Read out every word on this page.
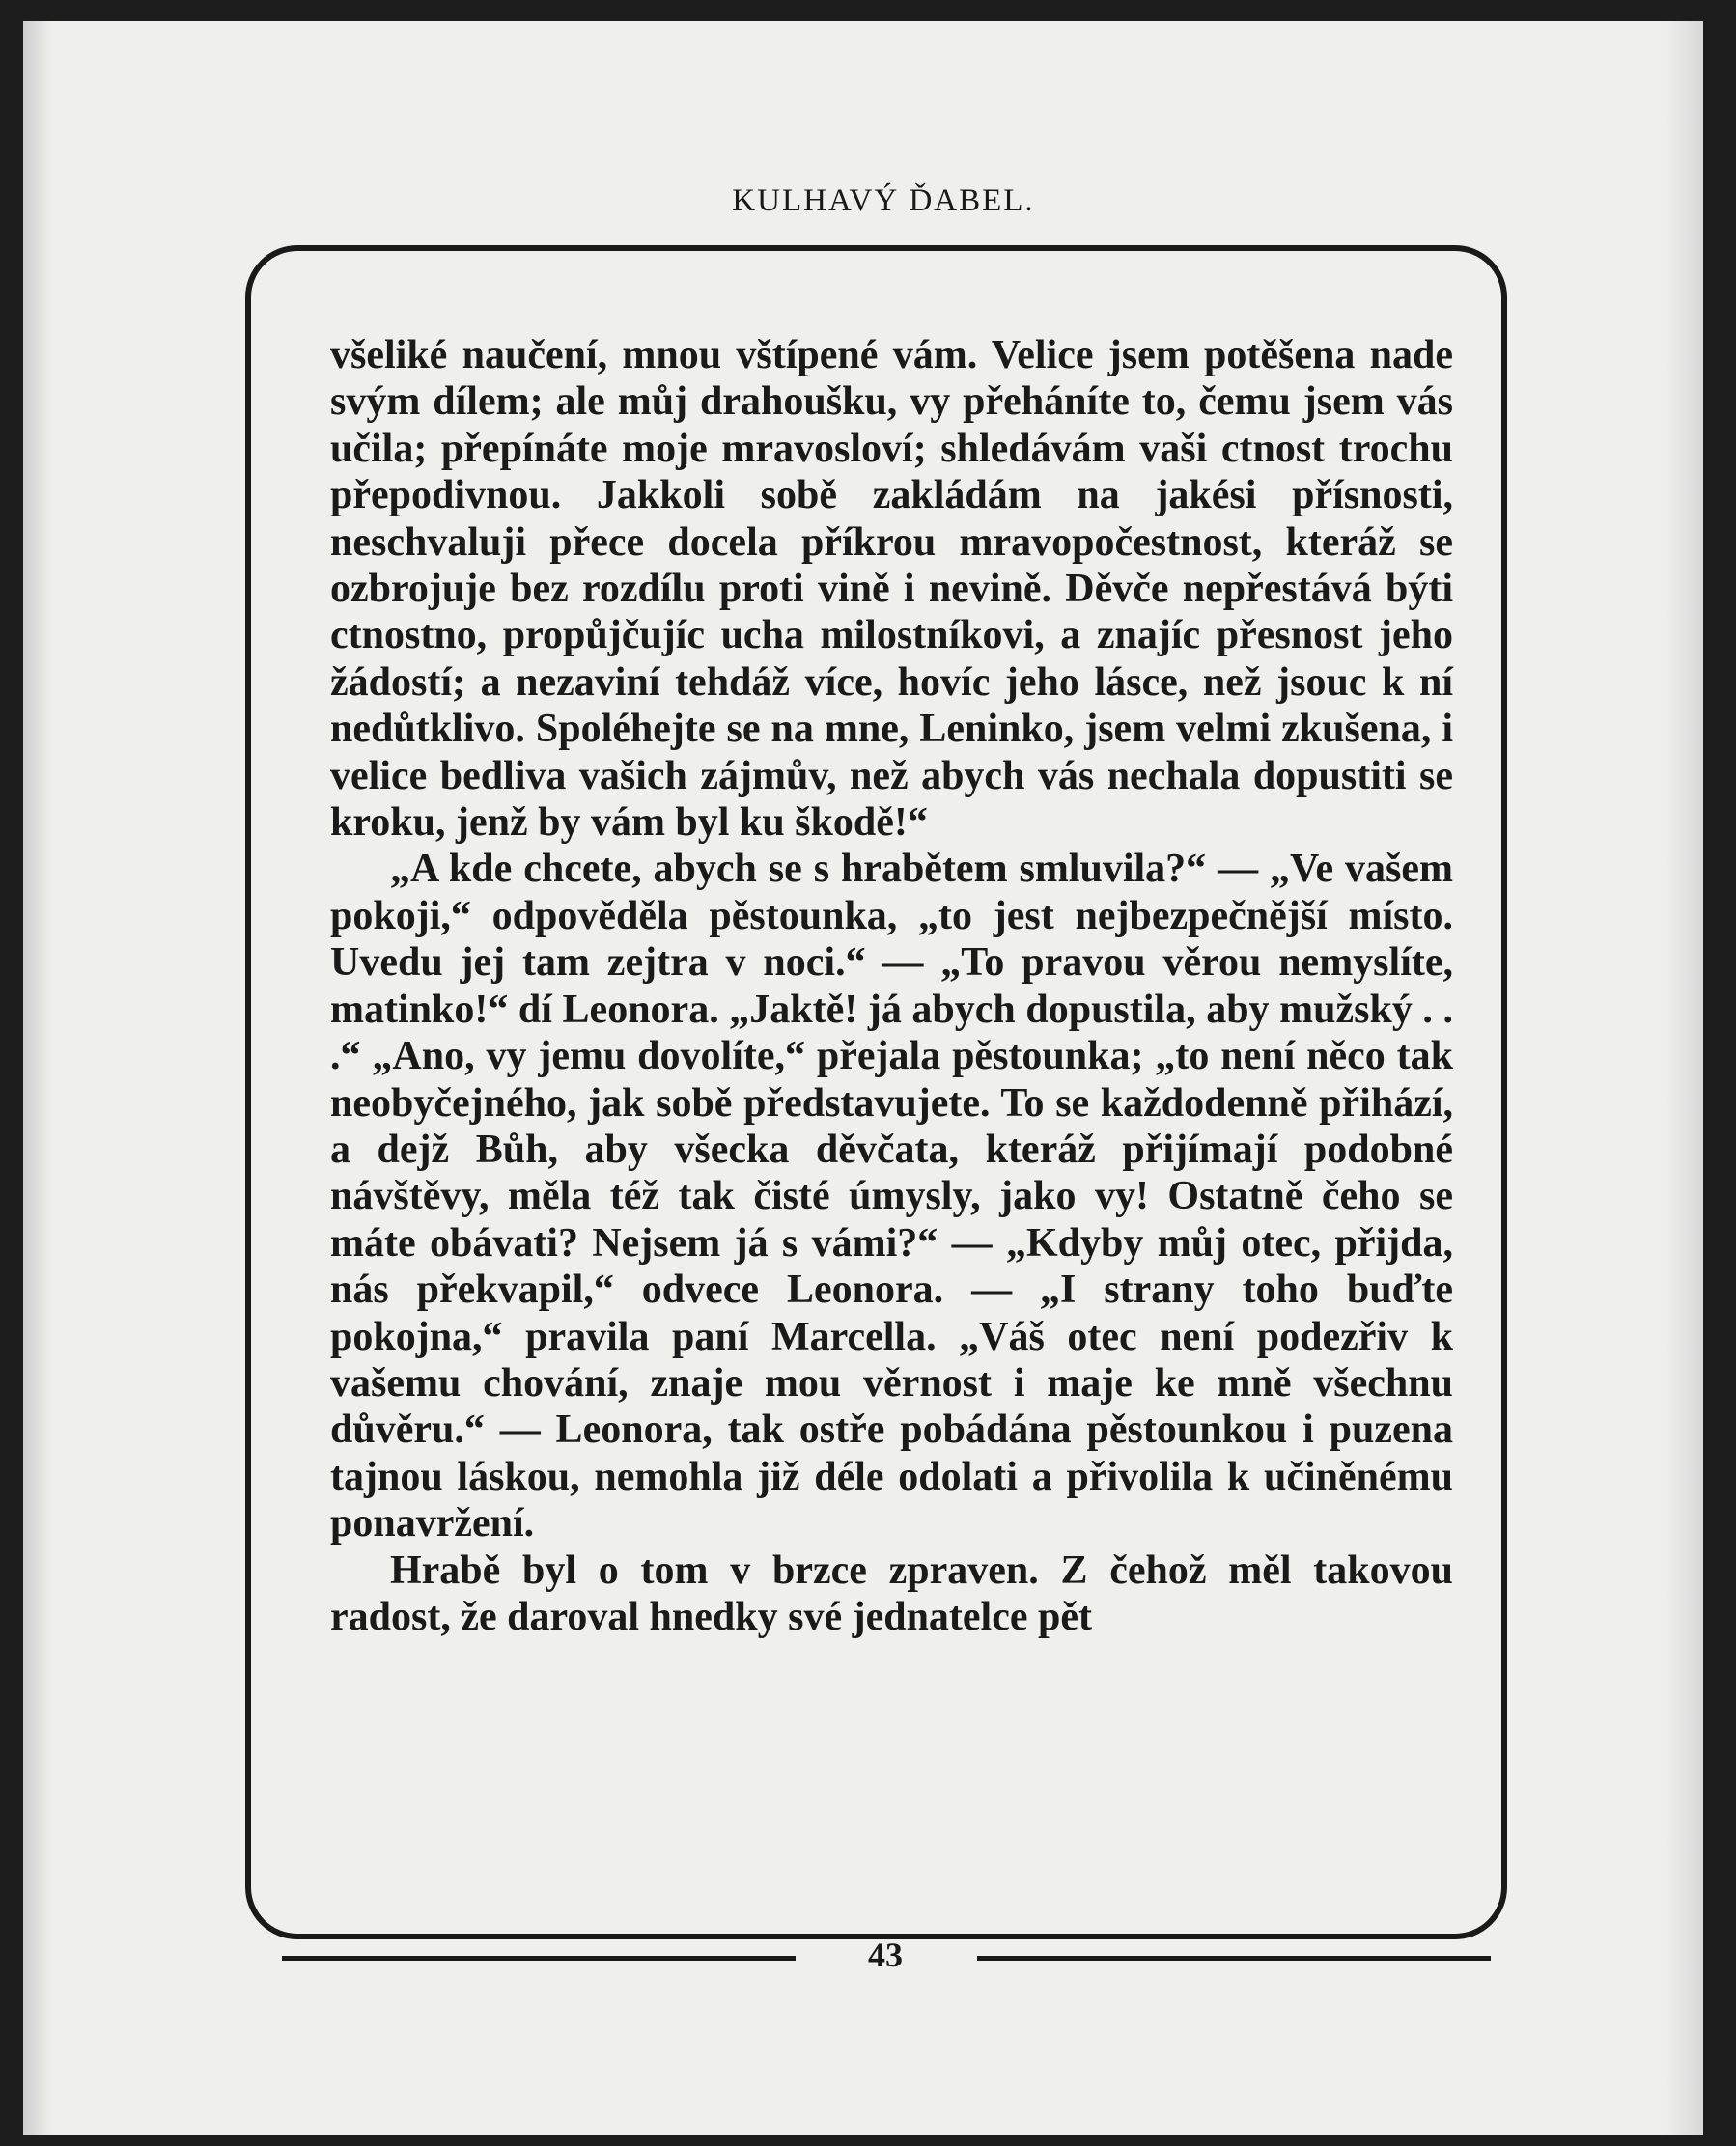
KULHAVÝ ĎABEL.

všeliké naučení, mnou vštípené vám. Velice jsem potěšena nade svým dílem; ale můj drahoušku, vy přeháníte to, čemu jsem vás učila; přepínáte moje mravosloví; shledávám vaši ctnost trochu přepodivnou. Jakkoli sobě zakládám na jakési přísnosti, neschvaluji přece docela příkrou mravopočestnost, kteráž se ozbrojuje bez rozdílu proti vině i nevině. Děvče nepřestává býti ctnostno, propůjčujíc ucha milostníkovi, a znajíc přesnost jeho žádostí; a nezaviní tehdáž více, hovíc jeho lásce, než jsouc k ní nedůtklivo. Spoléhejte se na mne, Leninko, jsem velmi zkušena, i velice bedliva vašich zájmův, než abych vás nechala dopustiti se kroku, jenž by vám byl ku škodě!“

„A kde chcete, abych se s hrabětem smluvila?“ — „Ve vašem pokoji,“ odpověděla pěstounka, „to jest nejbezpečnější místo. Uvedu jej tam zejtra v noci.“ — „To pravou věrou nemyslíte, matinko!“ dí Leonora. „Jaktě! já abych dopustila, aby mužský . . .“ „Ano, vy jemu dovolíte,“ přejala pěstounka; „to není něco tak neobyčejného, jak sobě představujete. To se každodenně přihází, a dejž Bůh, aby všecka děvčata, kteráž přijímají podobné návštěvy, měla též tak čisté úmysly, jako vy! Ostatně čeho se máte obávati? Nejsem já s vámi?“ — „Kdyby můj otec, přijda, nás překvapil,“ odvece Leonora. — „I strany toho buďte pokojna,“ pravila paní Marcella. „Váš otec není podezřiv k vašemu chování, znaje mou věrnost i maje ke mně všechnu důvěru.“ — Leonora, tak ostře pobádána pěstounkou i puzena tajnou láskou, nemohla již déle odolati a přivolila k učiněnému ponavržení.

Hrabě byl o tom v brzce zpraven. Z čehož měl takovou radost, že daroval hnedky své jednatelce pět

43
